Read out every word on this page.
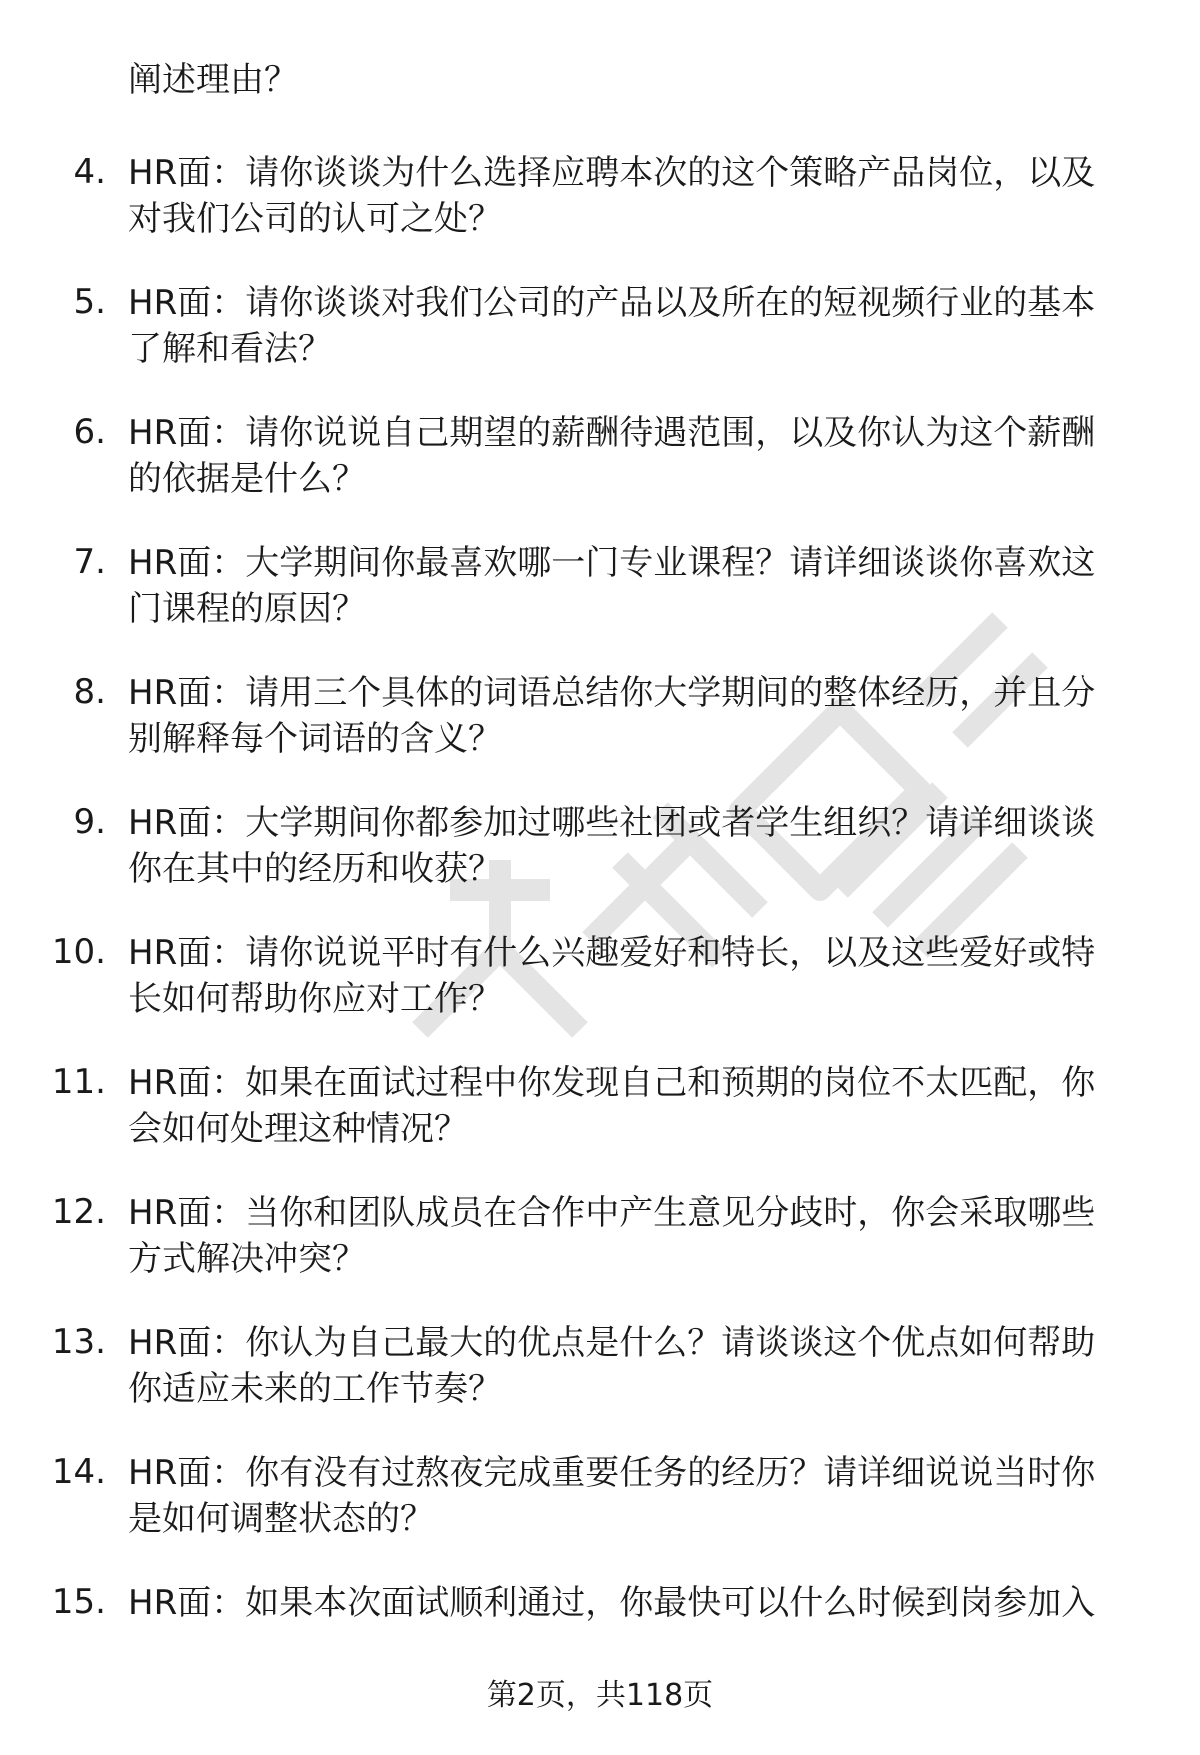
阐述理由？
4. HR面：请你谈谈为什么选择应聘本次的这个策略产品岗位，以及
对我们公司的认可之处？
5. HR面：请你谈谈对我们公司的产品以及所在的短视频行业的基本
了解和看法？
6. HR面：请你说说自己期望的薪酬待遇范围，以及你认为这个薪酬
的依据是什么？
7. HR面：大学期间你最喜欢哪一门专业课程？请详细谈谈你喜欢这
门课程的原因？
8. HR面：请用三个具体的词语总结你大学期间的整体经历，并且分
别解释每个词语的含义？
9. HR面：大学期间你都参加过哪些社团或者学生组织？请详细谈谈
你在其中的经历和收获？
10. HR面：请你说说平时有什么兴趣爱好和特长，以及这些爱好或特
长如何帮助你应对工作？
11. HR面：如果在面试过程中你发现自己和预期的岗位不太匹配，你
会如何处理这种情况？
12. HR面：当你和团队成员在合作中产生意见分歧时，你会采取哪些
方式解决冲突？
13. HR面：你认为自己最大的优点是什么？请谈谈这个优点如何帮助
你适应未来的工作节奏？
14. HR面：你有没有过熬夜完成重要任务的经历？请详细说说当时你
是如何调整状态的？
15. HR面：如果本次面试顺利通过，你最快可以什么时候到岗参加入
第2页，共118页
